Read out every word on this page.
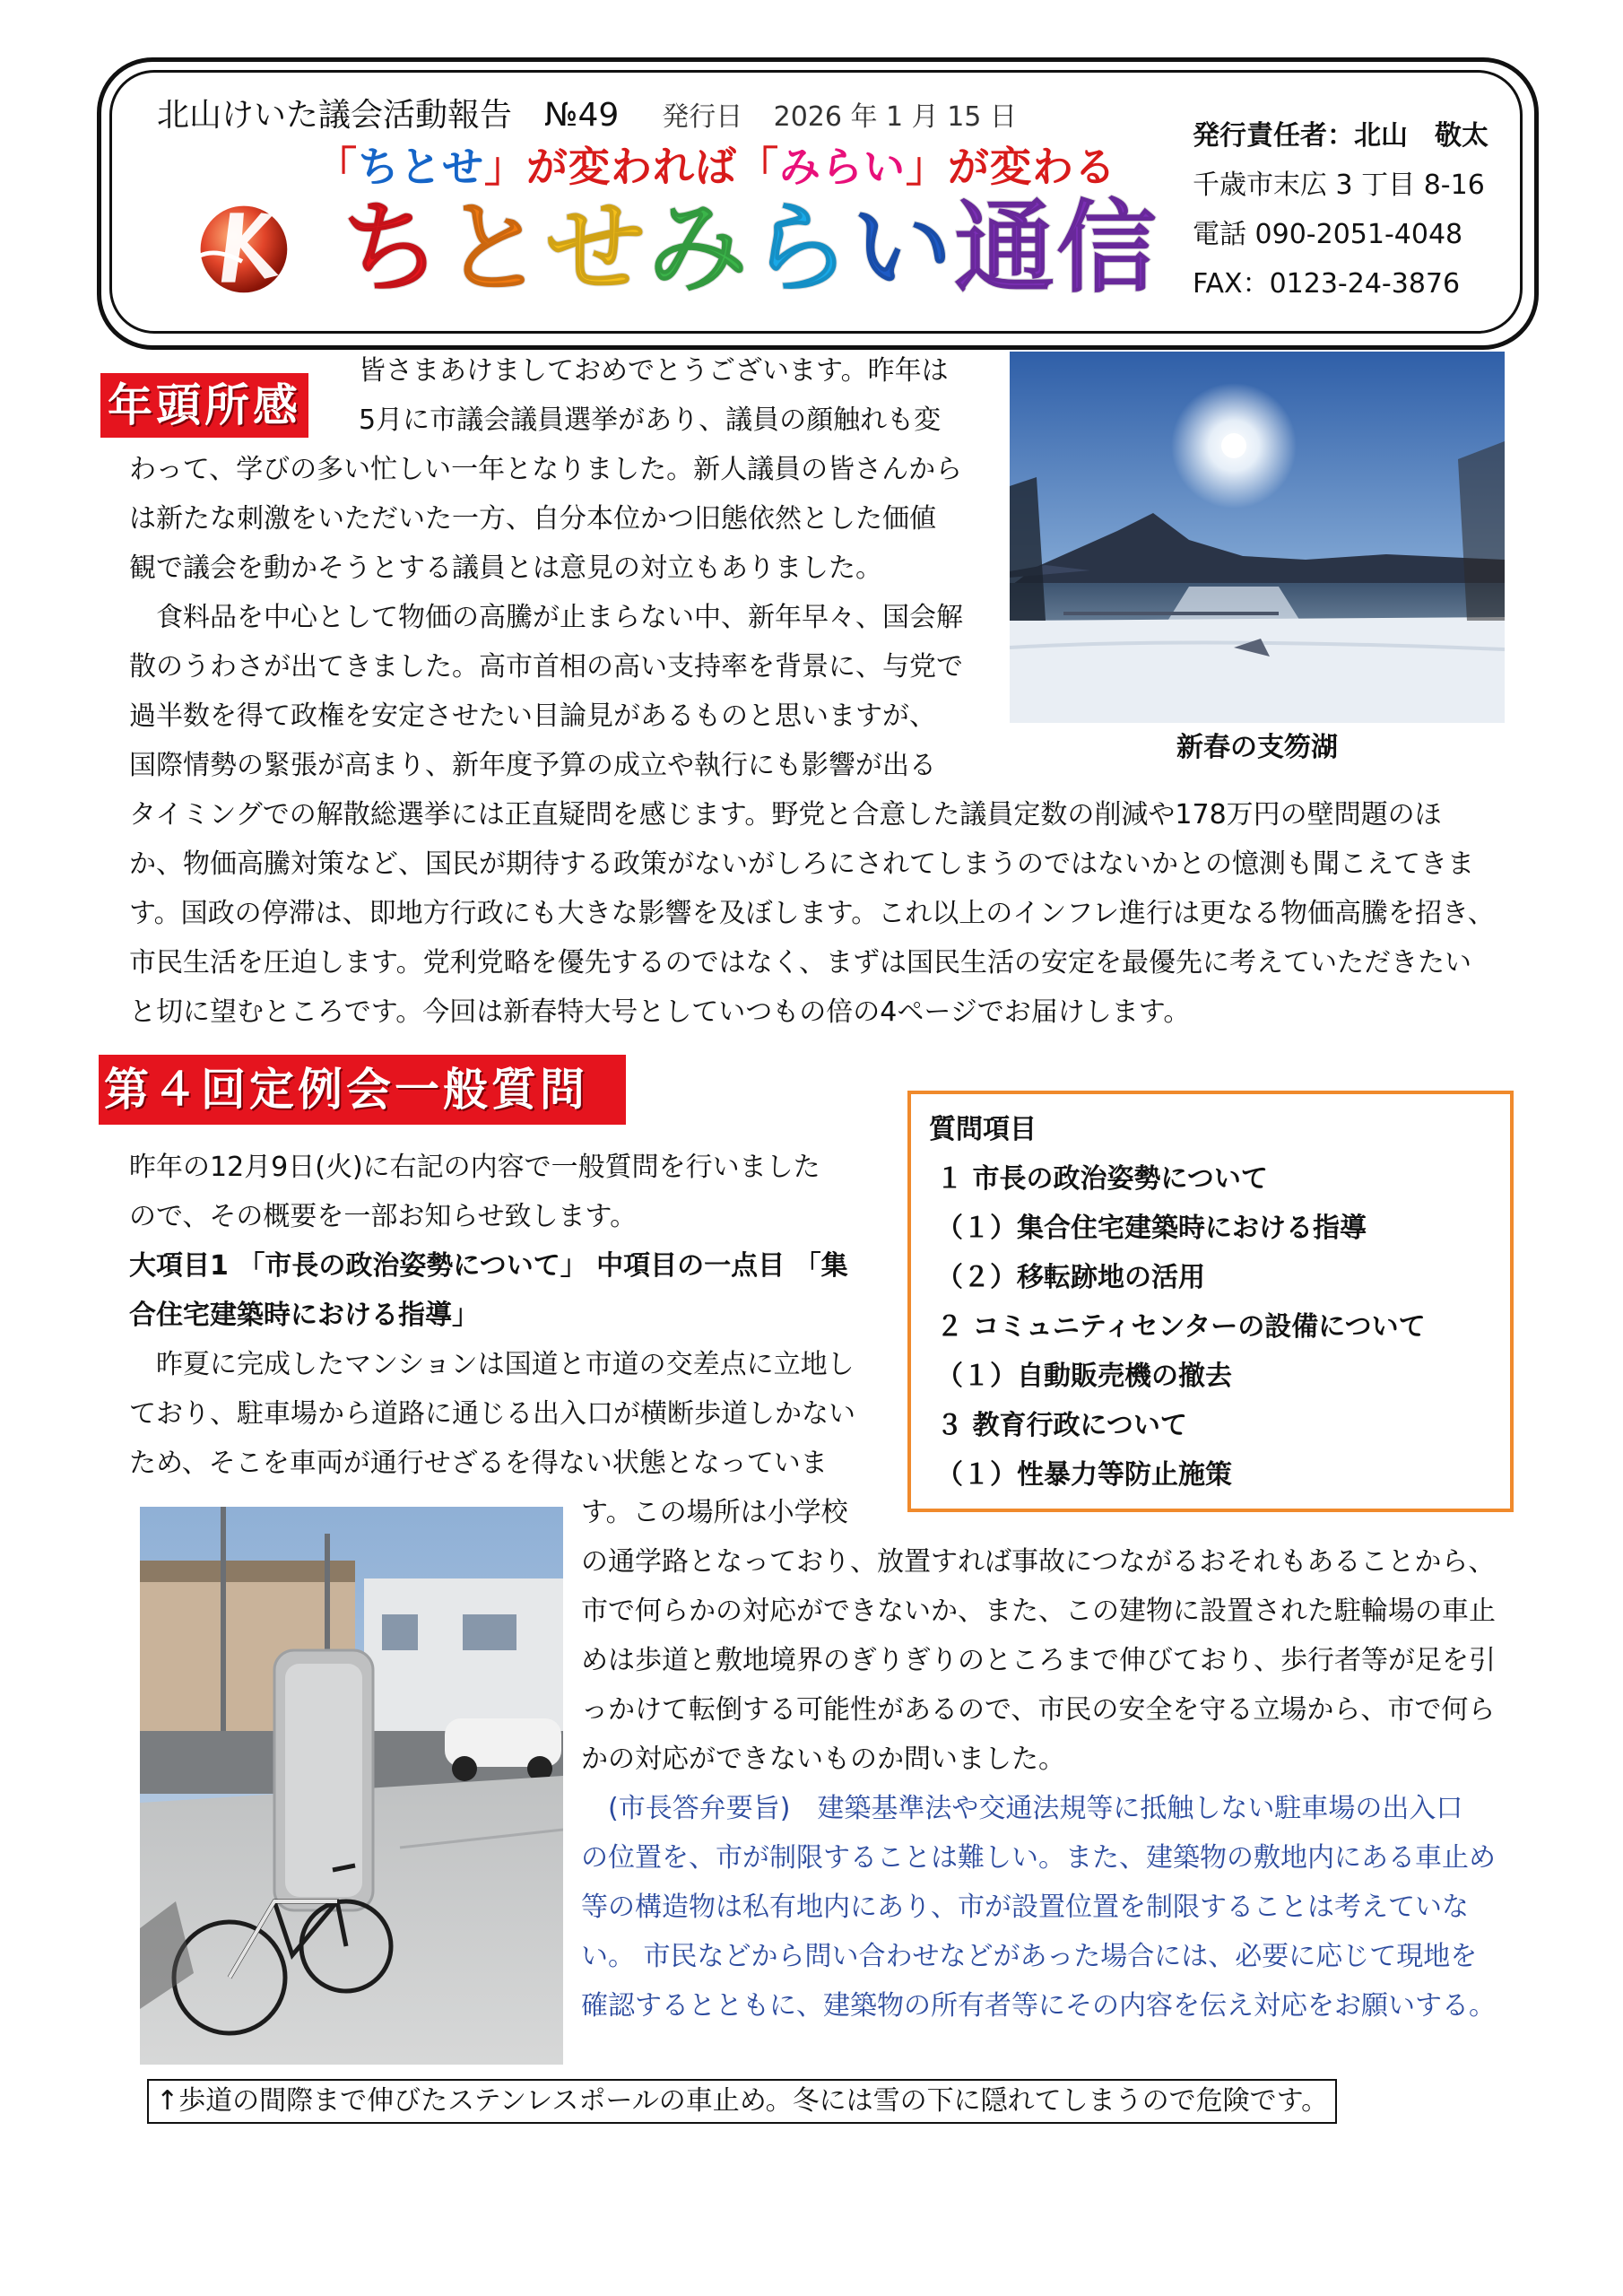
北山けいた議会活動報告 №49 発行日 2026 年 1 月 15 日
「ちとせ」が変われば「みらい」が変わる
ちとせみらい通信
発行責任者：北山　敬太
千歳市末広 3 丁目 8-16
電話 090-2051-4048
FAX：0123-24-3876
年頭所感
皆さまあけましておめでとうございます。昨年は
5月に市議会議員選挙があり、議員の顔触れも変
わって、学びの多い忙しい一年となりました。新人議員の皆さんから
は新たな刺激をいただいた一方、自分本位かつ旧態依然とした価値
観で議会を動かそうとする議員とは意見の対立もありました。
　食料品を中心として物価の高騰が止まらない中、新年早々、国会解
散のうわさが出てきました。高市首相の高い支持率を背景に、与党で
過半数を得て政権を安定させたい目論見があるものと思いますが、
国際情勢の緊張が高まり、新年度予算の成立や執行にも影響が出る
タイミングでの解散総選挙には正直疑問を感じます。野党と合意した議員定数の削減や178万円の壁問題のほ
か、物価高騰対策など、国民が期待する政策がないがしろにされてしまうのではないかとの憶測も聞こえてきま
す。国政の停滞は、即地方行政にも大きな影響を及ぼします。これ以上のインフレ進行は更なる物価高騰を招き、
市民生活を圧迫します。党利党略を優先するのではなく、まずは国民生活の安定を最優先に考えていただきたい
と切に望むところです。今回は新春特大号としていつもの倍の4ページでお届けします。
新春の支笏湖
第４回定例会一般質問
昨年の12月9日(火)に右記の内容で一般質問を行いました
ので、その概要を一部お知らせ致します。
大項目1 「市長の政治姿勢について」 中項目の一点目 「集
合住宅建築時における指導」
　昨夏に完成したマンションは国道と市道の交差点に立地し
ており、駐車場から道路に通じる出入口が横断歩道しかない
ため、そこを車両が通行せざるを得ない状態となっていま
す。この場所は小学校
の通学路となっており、放置すれば事故につながるおそれもあることから、
市で何らかの対応ができないか、また、この建物に設置された駐輪場の車止
めは歩道と敷地境界のぎりぎりのところまで伸びており、歩行者等が足を引
っかけて転倒する可能性があるので、市民の安全を守る立場から、市で何ら
かの対応ができないものか問いました。
　(市長答弁要旨)　建築基準法や交通法規等に抵触しない駐車場の出入口
の位置を、市が制限することは難しい。また、建築物の敷地内にある車止め
等の構造物は私有地内にあり、市が設置位置を制限することは考えていな
い。 市民などから問い合わせなどがあった場合には、必要に応じて現地を
確認するとともに、建築物の所有者等にその内容を伝え対応をお願いする。
質問項目
１ 市長の政治姿勢について
（１）集合住宅建築時における指導
（２）移転跡地の活用
２ コミュニティセンターの設備について
（１）自動販売機の撤去
３ 教育行政について
（１）性暴力等防止施策
↑歩道の間際まで伸びたステンレスポールの車止め。冬には雪の下に隠れてしまうので危険です。
